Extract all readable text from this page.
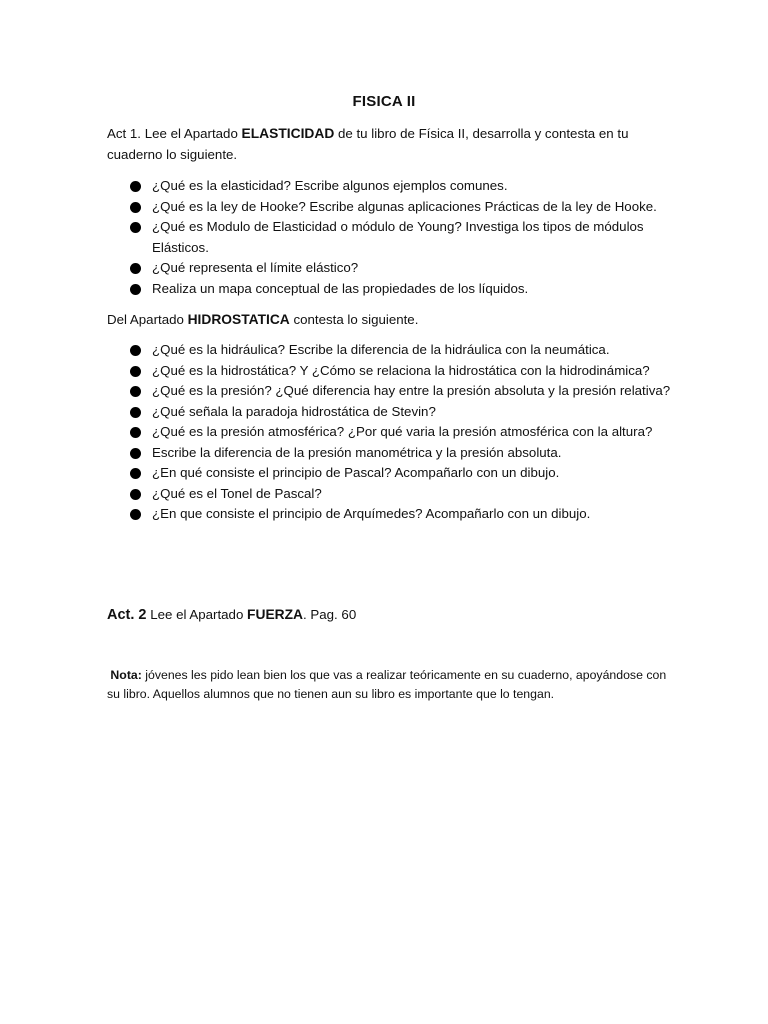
FISICA II

Act 1. Lee el Apartado ELASTICIDAD de tu libro de Física II, desarrolla y contesta en tu cuaderno lo siguiente.

¿Qué es la elasticidad? Escribe algunos ejemplos comunes.
¿Qué es la ley de Hooke? Escribe algunas aplicaciones Prácticas de la ley de Hooke.
¿Qué es Modulo de Elasticidad o módulo de Young? Investiga los tipos de módulos Elásticos.
¿Qué representa el límite elástico?
Realiza un mapa conceptual de las propiedades de los líquidos.

Del Apartado HIDROSTATICA contesta lo siguiente.

¿Qué es la hidráulica? Escribe la diferencia de la hidráulica con la neumática.
¿Qué es la hidrostática? Y ¿Cómo se relaciona la hidrostática con la hidrodinámica?
¿Qué es la presión? ¿Qué diferencia hay entre la presión absoluta y la presión relativa?
¿Qué señala la paradoja hidrostática de Stevin?
¿Qué es la presión atmosférica? ¿Por qué varia la presión atmosférica con la altura?
Escribe la diferencia de la presión manométrica y la presión absoluta.
¿En qué consiste el principio de Pascal? Acompañarlo con un dibujo.
¿Qué es el Tonel de Pascal?
¿En que consiste el principio de Arquímedes? Acompañarlo con un dibujo.
Act. 2 Lee el Apartado FUERZA. Pag. 60

Nota: jóvenes les pido lean bien los que vas a realizar teóricamente en su cuaderno, apoyándose con su libro. Aquellos alumnos que no tienen aun su libro es importante que lo tengan.
